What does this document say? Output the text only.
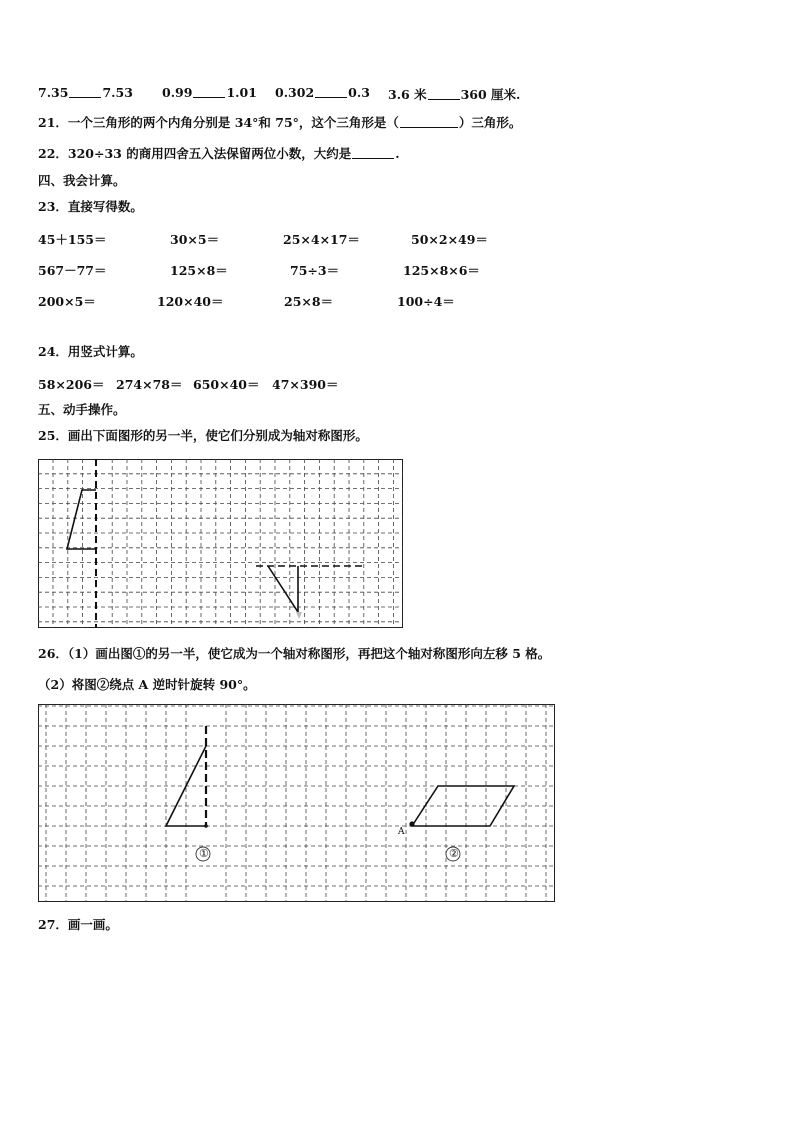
7.35	7.53 0.99	1.01 0.302	0.3 3.6 米	360 厘米.
21．一个三角形的两个内角分别是 34°和 75°，这个三角形是（	）三角形。
22．320÷33 的商用四舍五入法保留两位小数，大约是	.
四、我会计算。
23．直接写得数。
45＋155＝	30×5＝	25×4×17＝	50×2×49＝
567－77＝	125×8＝	75÷3＝	125×8×6＝
200×5＝	120×40＝	25×8＝	100÷4＝
24．用竖式计算。
58×206＝ 274×78＝ 650×40＝ 47×390＝
五、动手操作。
25．画出下面图形的另一半，使它们分别成为轴对称图形。
26．（1）画出图①的另一半，使它成为一个轴对称图形，再把这个轴对称图形向左移 5 格。
（2）将图②绕点 A 逆时针旋转 90°。
①	②
A
27．画一画。
